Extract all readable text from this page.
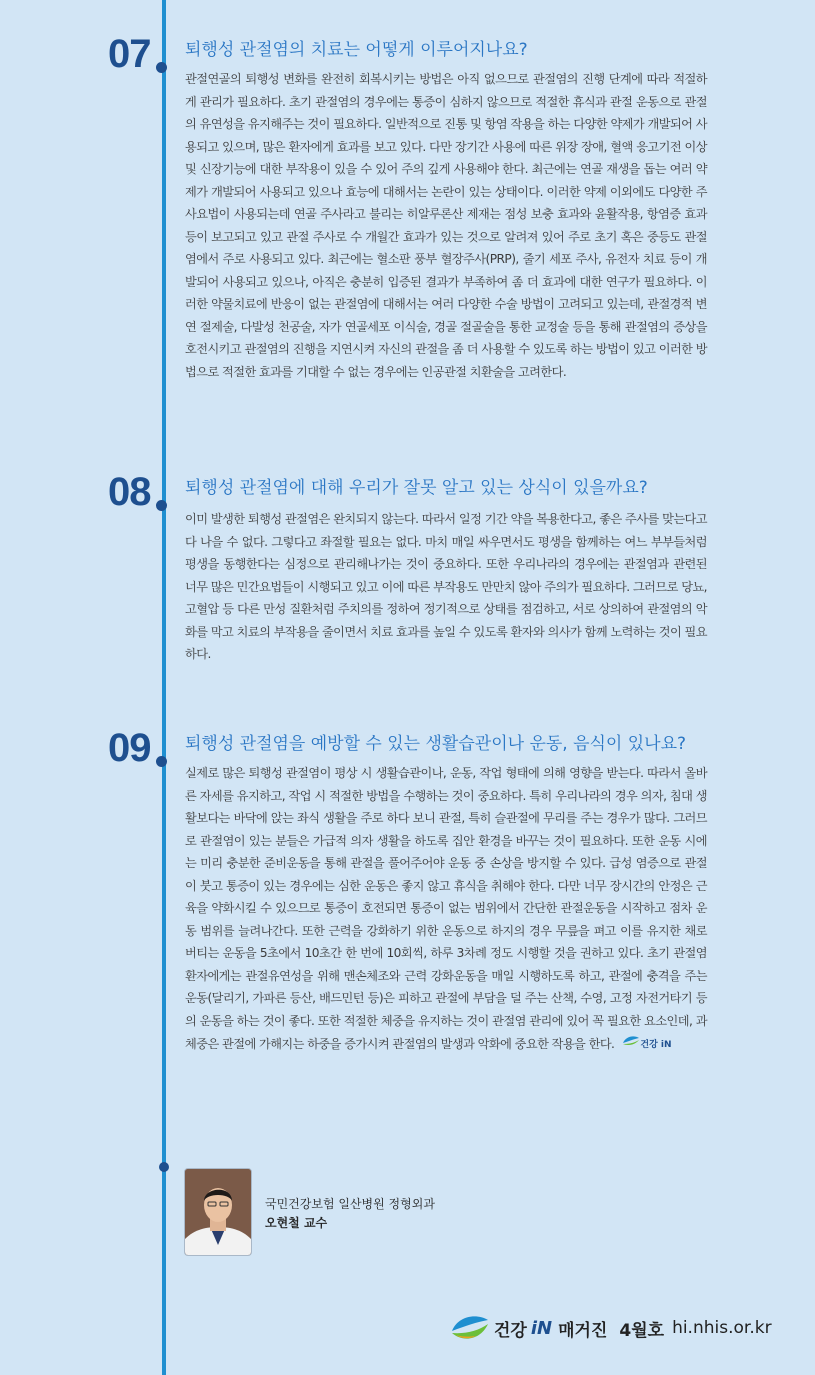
07 퇴행성 관절염의 치료는 어떻게 이루어지나요?
관절연골의 퇴행성 변화를 완전히 회복시키는 방법은 아직 없으므로 관절염의 진행 단계에 따라 적절하게 관리가 필요하다. 초기 관절염의 경우에는 통증이 심하지 않으므로 적절한 휴식과 관절 운동으로 관절의 유연성을 유지해주는 것이 필요하다. 일반적으로 진통 및 항염 작용을 하는 다양한 약제가 개발되어 사용되고 있으며, 많은 환자에게 효과를 보고 있다. 다만 장기간 사용에 따른 위장 장애, 혈액 응고기전 이상 및 신장기능에 대한 부작용이 있을 수 있어 주의 깊게 사용해야 한다. 최근에는 연골 재생을 돕는 여러 약제가 개발되어 사용되고 있으나 효능에 대해서는 논란이 있는 상태이다. 이러한 약제 이외에도 다양한 주사요법이 사용되는데 연골 주사라고 불리는 히알루론산 제재는 점성 보충 효과와 윤활작용, 항염증 효과 등이 보고되고 있고 관절 주사로 수 개월간 효과가 있는 것으로 알려져 있어 주로 초기 혹은 중등도 관절염에서 주로 사용되고 있다. 최근에는 혈소판 풍부 혈장주사(PRP), 줄기 세포 주사, 유전자 치료 등이 개발되어 사용되고 있으나, 아직은 충분히 입증된 결과가 부족하여 좀 더 효과에 대한 연구가 필요하다. 이러한 약물치료에 반응이 없는 관절염에 대해서는 여러 다양한 수술 방법이 고려되고 있는데, 관절경적 변연 절제술, 다발성 천공술, 자가 연골세포 이식술, 경골 절골술을 통한 교정술 등을 통해 관절염의 증상을 호전시키고 관절염의 진행을 지연시켜 자신의 관절을 좀 더 사용할 수 있도록 하는 방법이 있고 이러한 방법으로 적절한 효과를 기대할 수 없는 경우에는 인공관절 치환술을 고려한다.
08 퇴행성 관절염에 대해 우리가 잘못 알고 있는 상식이 있을까요?
이미 발생한 퇴행성 관절염은 완치되지 않는다. 따라서 일정 기간 약을 복용한다고, 좋은 주사를 맞는다고 다 나을 수 없다. 그렇다고 좌절할 필요는 없다. 마치 매일 싸우면서도 평생을 함께하는 여느 부부들처럼 평생을 동행한다는 심정으로 관리해나가는 것이 중요하다. 또한 우리나라의 경우에는 관절염과 관련된 너무 많은 민간요법들이 시행되고 있고 이에 따른 부작용도 만만치 않아 주의가 필요하다. 그러므로 당뇨, 고혈압 등 다른 만성 질환처럼 주치의를 정하여 정기적으로 상태를 점검하고, 서로 상의하여 관절염의 악화를 막고 치료의 부작용을 줄이면서 치료 효과를 높일 수 있도록 환자와 의사가 함께 노력하는 것이 필요하다.
09 퇴행성 관절염을 예방할 수 있는 생활습관이나 운동, 음식이 있나요?
실제로 많은 퇴행성 관절염이 평상 시 생활습관이나, 운동, 작업 형태에 의해 영향을 받는다. 따라서 올바른 자세를 유지하고, 작업 시 적절한 방법을 수행하는 것이 중요하다. 특히 우리나라의 경우 의자, 침대 생활보다는 바닥에 앉는 좌식 생활을 주로 하다 보니 관절, 특히 슬관절에 무리를 주는 경우가 많다. 그러므로 관절염이 있는 분들은 가급적 의자 생활을 하도록 집안 환경을 바꾸는 것이 필요하다. 또한 운동 시에는 미리 충분한 준비운동을 통해 관절을 풀어주어야 운동 중 손상을 방지할 수 있다. 급성 염증으로 관절이 붓고 통증이 있는 경우에는 심한 운동은 좋지 않고 휴식을 취해야 한다. 다만 너무 장시간의 안정은 근육을 약화시킬 수 있으므로 통증이 호전되면 통증이 없는 범위에서 간단한 관절운동을 시작하고 점차 운동 범위를 늘려나간다. 또한 근력을 강화하기 위한 운동으로 하지의 경우 무릎을 펴고 이를 유지한 채로 버티는 운동을 5초에서 10초간 한 번에 10회씩, 하루 3차례 정도 시행할 것을 권하고 있다. 초기 관절염 환자에게는 관절유연성을 위해 맨손체조와 근력 강화운동을 매일 시행하도록 하고, 관절에 충격을 주는 운동(달리기, 가파른 등산, 배드민턴 등)은 피하고 관절에 부담을 덜 주는 산책, 수영, 고정 자전거타기 등의 운동을 하는 것이 좋다. 또한 적절한 체중을 유지하는 것이 관절염 관리에 있어 꼭 필요한 요소인데, 과체중은 관절에 가해지는 하중을 증가시켜 관절염의 발생과 악화에 중요한 작용을 한다.	건강 iN
국민건강보험 일산병원 정형외과
오현철 교수
건강 iN 매거진 4월호 hi.nhis.or.kr
